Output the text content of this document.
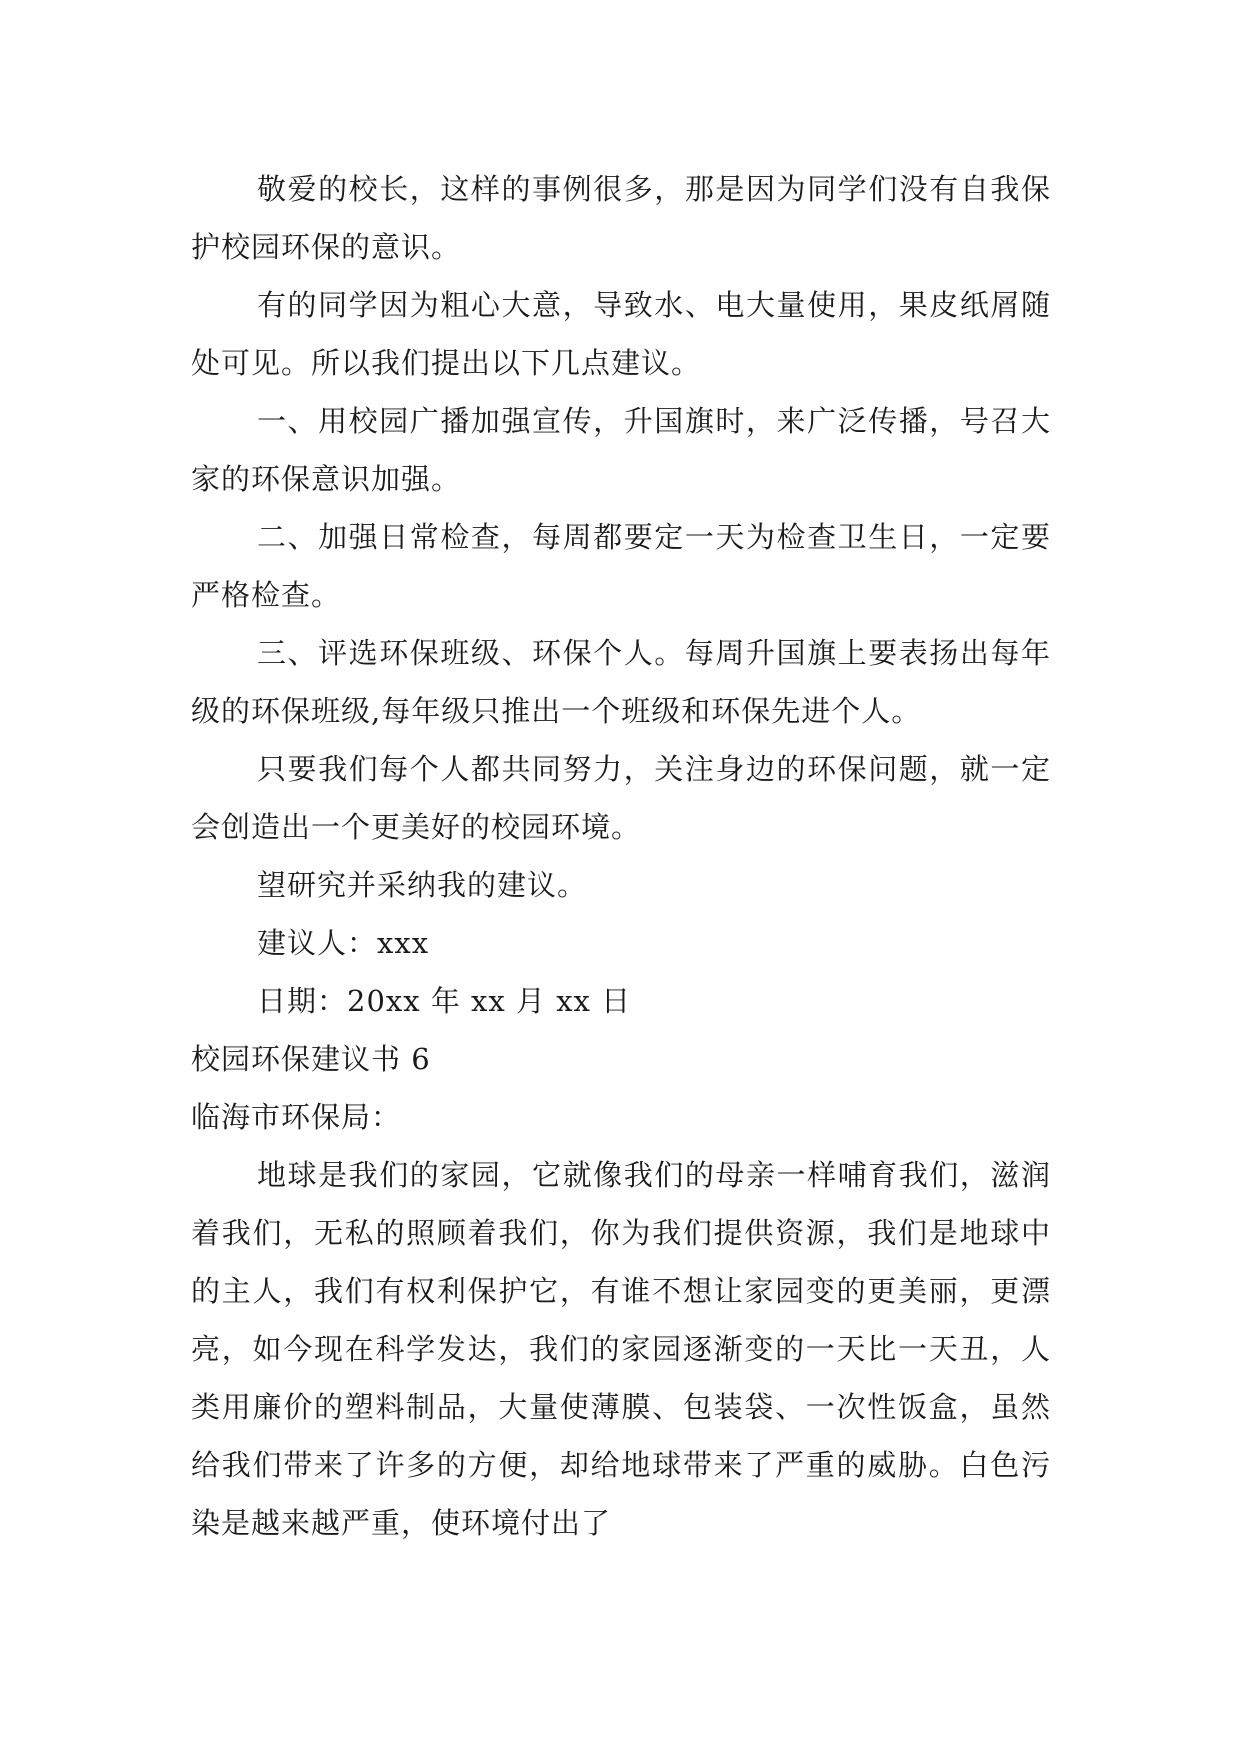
敬爱的校长，这样的事例很多，那是因为同学们没有自我保护校园环保的意识。

有的同学因为粗心大意，导致水、电大量使用，果皮纸屑随处可见。所以我们提出以下几点建议。

一、用校园广播加强宣传，升国旗时，来广泛传播，号召大家的环保意识加强。

二、加强日常检查，每周都要定一天为检查卫生日，一定要严格检查。

三、评选环保班级、环保个人。每周升国旗上要表扬出每年级的环保班级,每年级只推出一个班级和环保先进个人。

只要我们每个人都共同努力，关注身边的环保问题，就一定会创造出一个更美好的校园环境。

望研究并采纳我的建议。

建议人：xxx

日期：20xx 年 xx 月 xx 日

校园环保建议书 6

临海市环保局：

地球是我们的家园，它就像我们的母亲一样哺育我们，滋润着我们，无私的照顾着我们，你为我们提供资源，我们是地球中的主人，我们有权利保护它，有谁不想让家园变的更美丽，更漂亮，如今现在科学发达，我们的家园逐渐变的一天比一天丑，人类用廉价的塑料制品，大量使薄膜、包装袋、一次性饭盒，虽然给我们带来了许多的方便，却给地球带来了严重的威胁。白色污染是越来越严重，使环境付出了
